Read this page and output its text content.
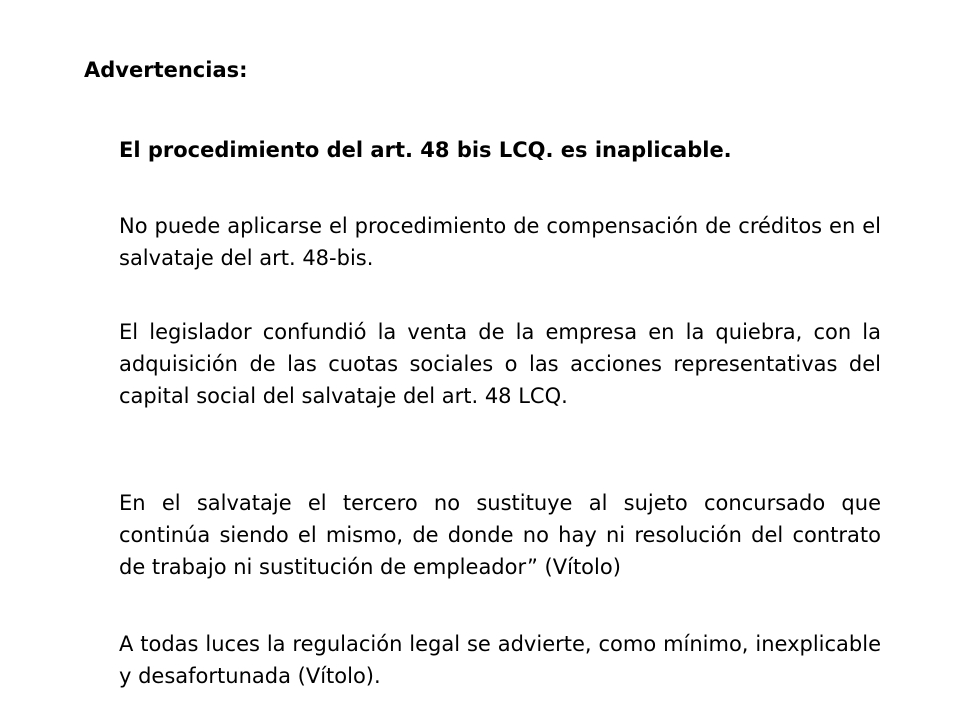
Advertencias:

El procedimiento del art. 48 bis LCQ. es inaplicable.

No puede aplicarse el procedimiento de compensación de créditos en el salvataje del art. 48-bis.

El legislador confundió la venta de la empresa en la quiebra, con la adquisición de las cuotas sociales o las acciones representativas del capital social del salvataje del art. 48 LCQ.

En el salvataje el tercero no sustituye al sujeto concursado que continúa siendo el mismo, de donde no hay ni resolución del contrato de trabajo ni sustitución de empleador” (Vítolo)

A todas luces la regulación legal se advierte, como mínimo, inexplicable y desafortunada (Vítolo).
